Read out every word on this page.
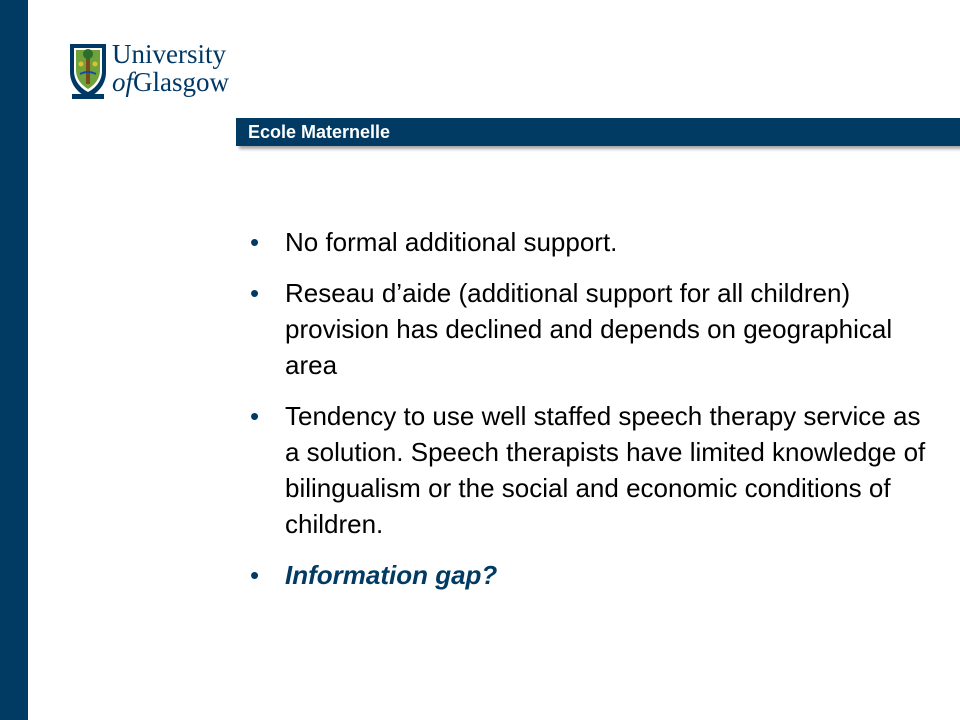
University
ofGlasgow
Ecole Maternelle
• No formal additional support.
• Reseau d’aide (additional support for all children) provision has declined and depends on geographical area
• Tendency to use well staffed speech therapy service as a solution. Speech therapists have limited knowledge of bilingualism or the social and economic conditions of children.
• Information gap?
